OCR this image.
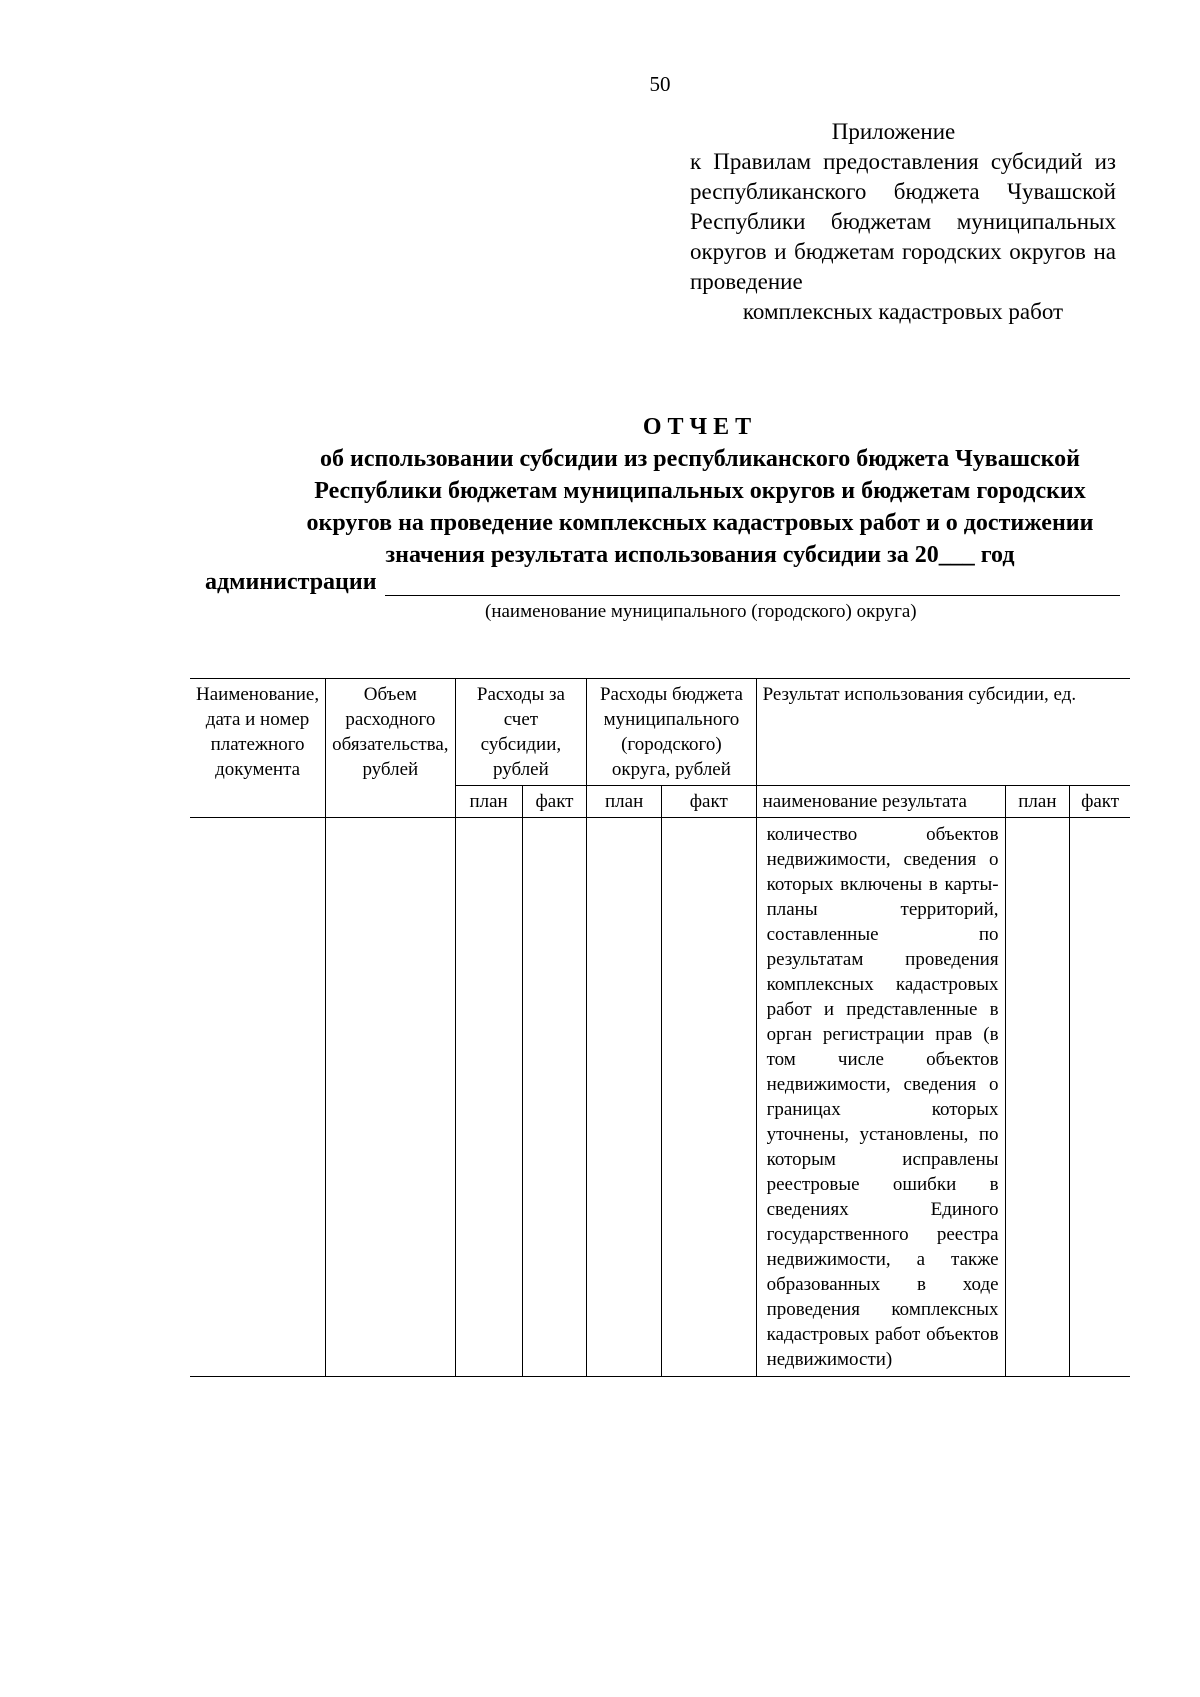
50
Приложение
к Правилам предоставления субсидий из республиканского бюджета Чувашской Республики бюджетам муниципальных округов и бюджетам городских округов на проведение
комплексных кадастровых работ
ОТЧЕТ
об использовании субсидии из республиканского бюджета Чувашской
Республики бюджетам муниципальных округов и бюджетам городских
округов на проведение комплексных кадастровых работ и о достижении
значения результата использования субсидии за 20___ год
администрации
(наименование муниципального (городского) округа)
Наименование, дата и номер платежного документа	Объем расходного обязательства, рублей	Расходы за счет субсидии, рублей		Расходы бюджета муниципального (городского) округа, рублей		Результат использования субсидии, ед.		
		план	факт	план	факт	наименование результата	план	факт
						количество объектов недвижимости, сведения о которых включены в карты-планы территорий, составленные по результатам проведения комплексных кадастровых работ и представленные в орган регистрации прав (в том числе объектов недвижимости, сведения о границах которых уточнены, установлены, по которым исправлены реестровые ошибки в сведениях Единого государственного реестра недвижимости, а также образованных в ходе проведения комплексных кадастровых работ объектов недвижимости)		
